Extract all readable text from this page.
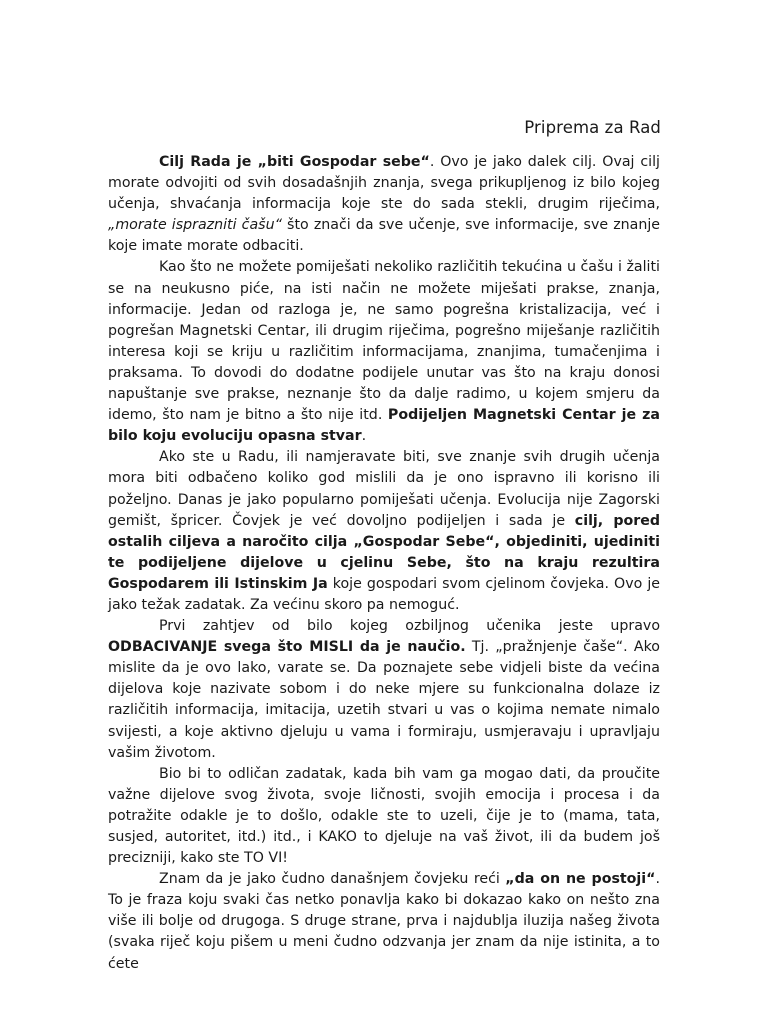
Priprema za Rad

Cilj Rada je „biti Gospodar sebe“. Ovo je jako dalek cilj. Ovaj cilj morate odvojiti od svih dosadašnjih znanja, svega prikupljenog iz bilo kojeg učenja, shvaćanja informacija koje ste do sada stekli, drugim riječima, „morate isprazniti čašu“ što znači da sve učenje, sve informacije, sve znanje koje imate morate odbaciti.

Kao što ne možete pomiješati nekoliko različitih tekućina u čašu i žaliti se na neukusno piće, na isti način ne možete miješati prakse, znanja, informacije. Jedan od razloga je, ne samo pogrešna kristalizacija, već i pogrešan Magnetski Centar, ili drugim riječima, pogrešno miješanje različitih interesa koji se kriju u različitim informacijama, znanjima, tumačenjima i praksama. To dovodi do dodatne podijele unutar vas što na kraju donosi napuštanje sve prakse, neznanje što da dalje radimo, u kojem smjeru da idemo, što nam je bitno a što nije itd. Podijeljen Magnetski Centar je za bilo koju evoluciju opasna stvar.

Ako ste u Radu, ili namjeravate biti, sve znanje svih drugih učenja mora biti odbačeno koliko god mislili da je ono ispravno ili korisno ili poželjno. Danas je jako popularno pomiješati učenja. Evolucija nije Zagorski gemišt, špricer. Čovjek je već dovoljno podijeljen i sada je cilj, pored ostalih ciljeva a naročito cilja „Gospodar Sebe“, objediniti, ujediniti te podijeljene dijelove u cjelinu Sebe, što na kraju rezultira Gospodarem ili Istinskim Ja koje gospodari svom cjelinom čovjeka. Ovo je jako težak zadatak. Za većinu skoro pa nemoguć.

Prvi zahtjev od bilo kojeg ozbiljnog učenika jeste upravo ODBACIVANJE svega što MISLI da je naučio. Tj. „pražnjenje čaše“. Ako mislite da je ovo lako, varate se. Da poznajete sebe vidjeli biste da većina dijelova koje nazivate sobom i do neke mjere su funkcionalna dolaze iz različitih informacija, imitacija, uzetih stvari u vas o kojima nemate nimalo svijesti, a koje aktivno djeluju u vama i formiraju, usmjeravaju i upravljaju vašim životom.

Bio bi to odličan zadatak, kada bih vam ga mogao dati, da proučite važne dijelove svog života, svoje ličnosti, svojih emocija i procesa i da potražite odakle je to došlo, odakle ste to uzeli, čije je to (mama, tata, susjed, autoritet, itd.) itd., i KAKO to djeluje na vaš život, ili da budem još precizniji, kako ste TO VI!

Znam da je jako čudno današnjem čovjeku reći „da on ne postoji“. To je fraza koju svaki čas netko ponavlja kako bi dokazao kako on nešto zna više ili bolje od drugoga. S druge strane, prva i najdublja iluzija našeg života (svaka riječ koju pišem u meni čudno odzvanja jer znam da nije istinita, a to ćete
